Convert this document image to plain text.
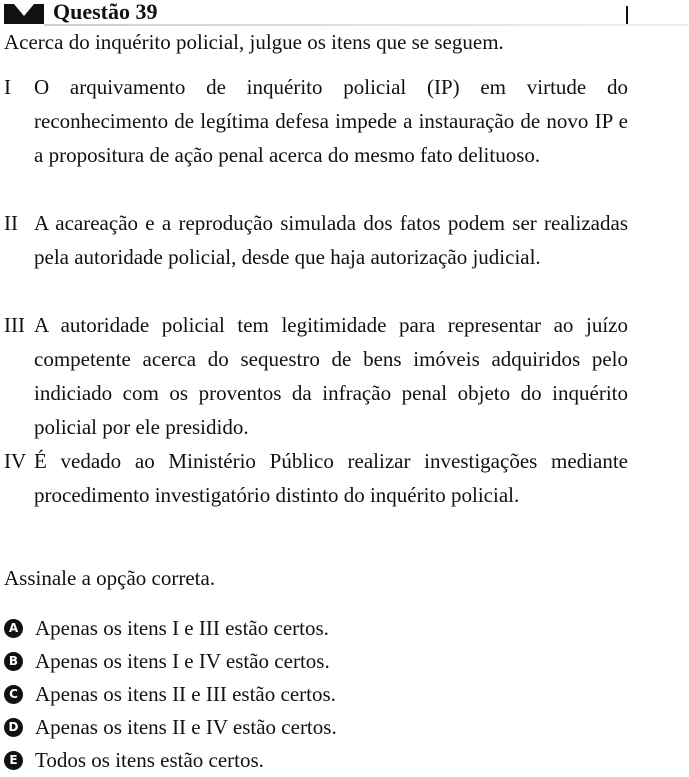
Questão 39
Acerca do inquérito policial, julgue os itens que se seguem.
I O arquivamento de inquérito policial (IP) em virtude do reconhecimento de legítima defesa impede a instauração de novo IP e a propositura de ação penal acerca do mesmo fato delituoso.
II A acareação e a reprodução simulada dos fatos podem ser realizadas pela autoridade policial, desde que haja autorização judicial.
III A autoridade policial tem legitimidade para representar ao juízo competente acerca do sequestro de bens imóveis adquiridos pelo indiciado com os proventos da infração penal objeto do inquérito policial por ele presidido.
IV É vedado ao Ministério Público realizar investigações mediante procedimento investigatório distinto do inquérito policial.
Assinale a opção correta.
A Apenas os itens I e III estão certos.
B Apenas os itens I e IV estão certos.
C Apenas os itens II e III estão certos.
D Apenas os itens II e IV estão certos.
E Todos os itens estão certos.
